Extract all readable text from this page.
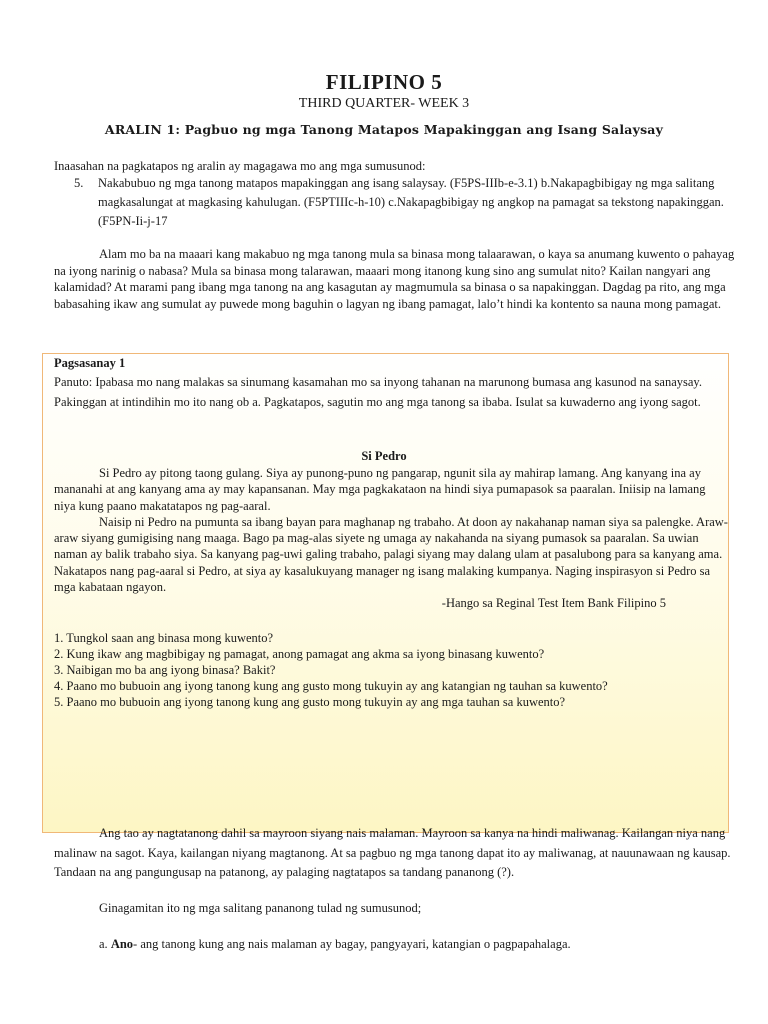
FILIPINO 5
THIRD QUARTER- WEEK 3
ARALIN 1: Pagbuo ng mga Tanong Matapos Mapakinggan ang Isang Salaysay
Inaasahan na pagkatapos ng aralin ay magagawa mo ang mga sumusunod:
5. Nakabubuo ng mga tanong matapos mapakinggan ang isang salaysay. (F5PS-IIIb-e-3.1) b.Nakapagbibigay ng mga salitang magkasalungat at magkasing kahulugan. (F5PTIIIc-h-10) c.Nakapagbibigay ng angkop na pamagat sa tekstong napakinggan. (F5PN-Ii-j-17
Alam mo ba na maaari kang makabuo ng mga tanong mula sa binasa mong talaarawan, o kaya sa anumang kuwento o pahayag na iyong narinig o nabasa? Mula sa binasa mong talarawan, maaari mong itanong kung sino ang sumulat nito? Kailan nangyari ang kalamidad? At marami pang ibang mga tanong na ang kasagutan ay magmumula sa binasa o sa napakinggan. Dagdag pa rito, ang mga babasahing ikaw ang sumulat ay puwede mong baguhin o lagyan ng ibang pamagat, lalo’t hindi ka kontento sa nauna mong pamagat.
Pagsasanay 1
Panuto: Ipabasa mo nang malakas sa sinumang kasamahan mo sa inyong tahanan na marunong bumasa ang kasunod na sanaysay. Pakinggan at intindihin mo ito nang ob a. Pagkatapos, sagutin mo ang mga tanong sa ibaba. Isulat sa kuwaderno ang iyong sagot.
Si Pedro

Si Pedro ay pitong taong gulang. Siya ay punong-puno ng pangarap, ngunit sila ay mahirap lamang. Ang kanyang ina ay mananahi at ang kanyang ama ay may kapansanan. May mga pagkakataon na hindi siya pumapasok sa paaralan. Iniisip na lamang niya kung paano makatatapos ng pag-aaral.

Naisip ni Pedro na pumunta sa ibang bayan para maghanap ng trabaho. At doon ay nakahanap naman siya sa palengke. Araw-araw siyang gumigising nang maaga. Bago pa mag-alas siyete ng umaga ay nakahanda na siyang pumasok sa paaralan. Sa uwian naman ay balik trabaho siya. Sa kanyang pag-uwi galing trabaho, palagi siyang may dalang ulam at pasalubong para sa kanyang ama. Nakatapos nang pag-aaral si Pedro, at siya ay kasalukuyang manager ng isang malaking kumpanya. Naging inspirasyon si Pedro sa mga kabataan ngayon.

-Hango sa Reginal Test Item Bank Filipino 5

1. Tungkol saan ang binasa mong kuwento?
2. Kung ikaw ang magbibigay ng pamagat, anong pamagat ang akma sa iyong binasang kuwento?
3. Naibigan mo ba ang iyong binasa? Bakit?
4. Paano mo bubuoin ang iyong tanong kung ang gusto mong tukuyin ay ang katangian ng tauhan sa kuwento?
5. Paano mo bubuoin ang iyong tanong kung ang gusto mong tukuyin ay ang mga tauhan sa kuwento?
Ang tao ay nagtatanong dahil sa mayroon siyang nais malaman. Mayroon sa kanya na hindi maliwanag. Kailangan niya nang malinaw na sagot. Kaya, kailangan niyang magtanong. At sa pagbuo ng mga tanong dapat ito ay maliwanag, at nauunawaan ng kausap. Tandaan na ang pangungusap na patanong, ay palaging nagtatapos sa tandang pananong (?).
Ginagamitan ito ng mga salitang pananong tulad ng sumusunod;
a. Ano- ang tanong kung ang nais malaman ay bagay, pangyayari, katangian o pagpapahalaga.
